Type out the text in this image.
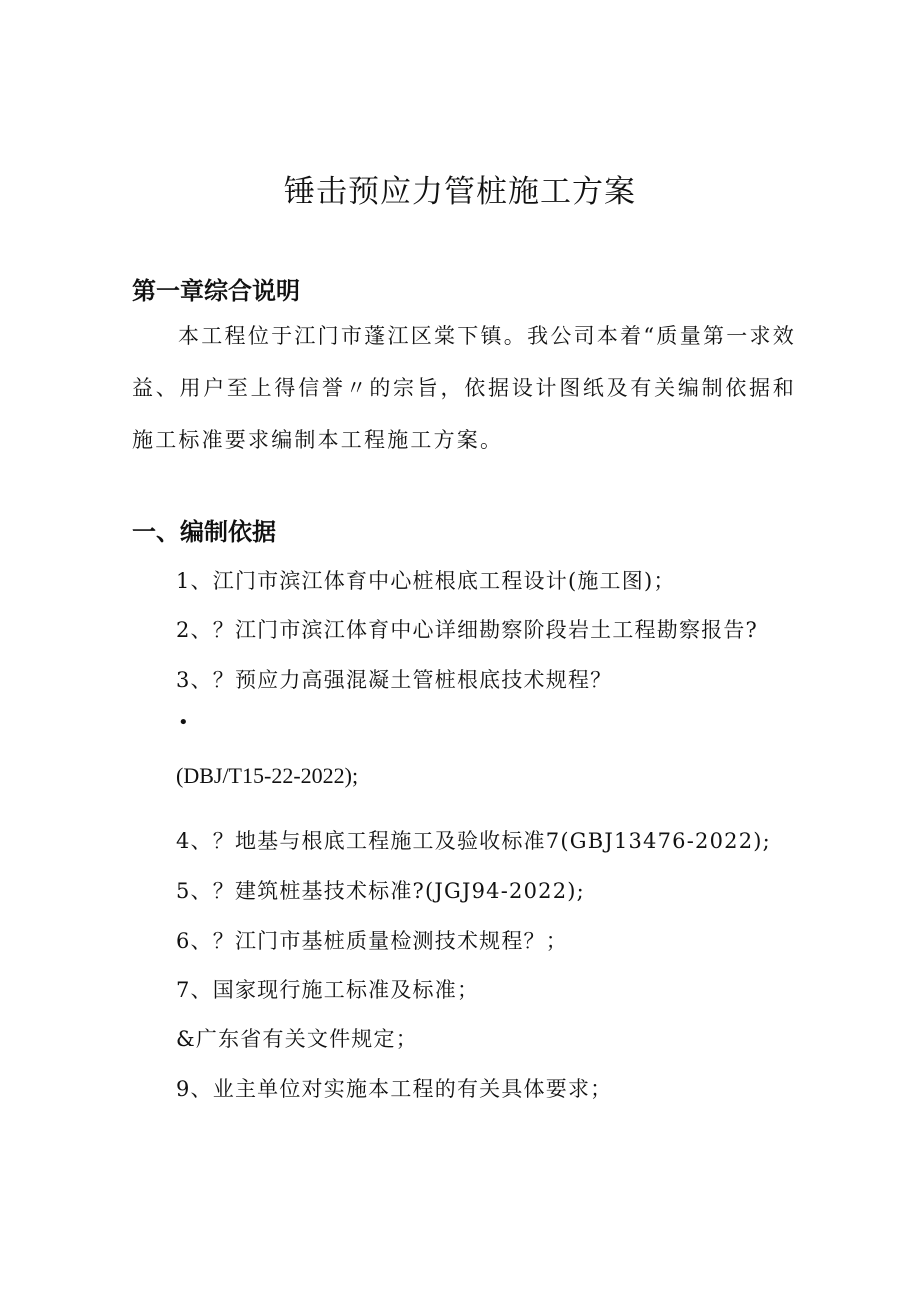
锤击预应力管桩施工方案
第一章综合说明

本工程位于江门市蓬江区棠下镇。我公司本着“质量第一求效益、用户至上得信誉〃的宗旨，依据设计图纸及有关编制依据和施工标准要求编制本工程施工方案。

一、编制依据

1、江门市滨江体育中心桩根底工程设计(施工图)；

2、？江门市滨江体育中心详细勘察阶段岩土工程勘察报告?

3、？预应力高强混凝土管桩根底技术规程？

•

(DBJ/T15-22-2022);

4、？地基与根底工程施工及验收标准7(GBJ13476-2022);

5、？建筑桩基技术标准?(JGJ94-2022);

6、？江门市基桩质量检测技术规程？；

7、国家现行施工标准及标准；

&广东省有关文件规定；

9、业主单位对实施本工程的有关具体要求；
